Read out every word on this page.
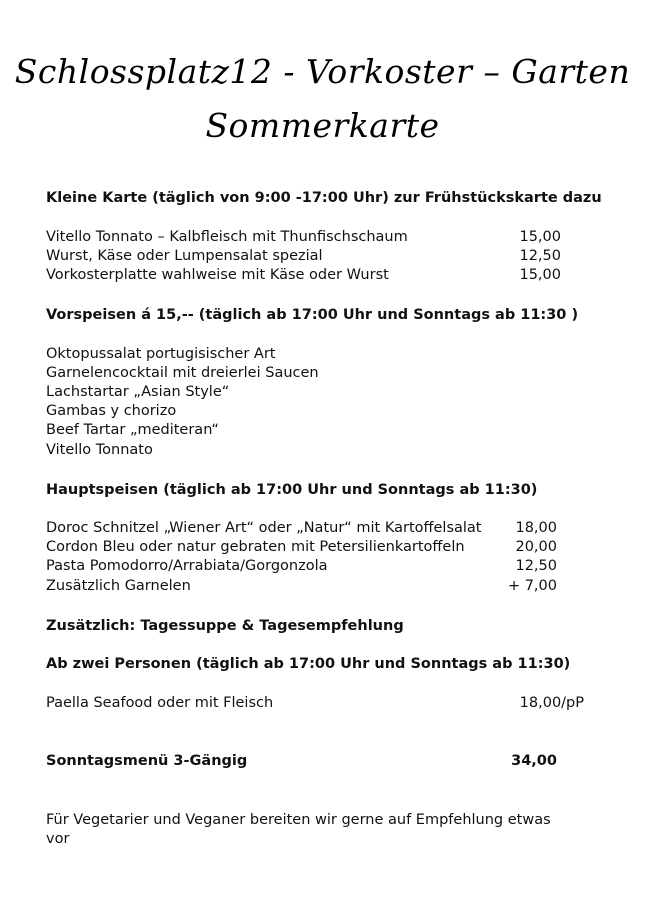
Schlossplatz12 - Vorkoster – Garten
Sommerkarte
Kleine Karte (täglich von 9:00 -17:00 Uhr) zur Frühstückskarte dazu
Vitello Tonnato – Kalbfleisch mit Thunfischschaum	15,00
Wurst, Käse oder Lumpensalat spezial	12,50
Vorkosterplatte wahlweise mit Käse oder Wurst	15,00
Vorspeisen á 15,-- (täglich ab 17:00 Uhr und Sonntags ab 11:30 )
Oktopussalat portugisischer Art
Garnelencocktail mit dreierlei Saucen
Lachstartar „Asian Style“
Gambas y chorizo
Beef Tartar „mediteran“
Vitello Tonnato
Hauptspeisen (täglich ab 17:00 Uhr und Sonntags ab 11:30)
Doroc Schnitzel „Wiener Art“ oder „Natur“ mit Kartoffelsalat 18,00
Cordon Bleu oder natur gebraten mit Petersilienkartoffeln	20,00
Pasta Pomodorro/Arrabiata/Gorgonzola	12,50
Zusätzlich Garnelen	+ 7,00
Zusätzlich: Tagessuppe & Tagesempfehlung
Ab zwei Personen (täglich ab 17:00 Uhr und Sonntags ab 11:30)
Paella Seafood oder mit Fleisch	18,00/pP
Sonntagsmenü 3-Gängig	34,00
Für Vegetarier und Veganer bereiten wir gerne auf Empfehlung etwas
vor
